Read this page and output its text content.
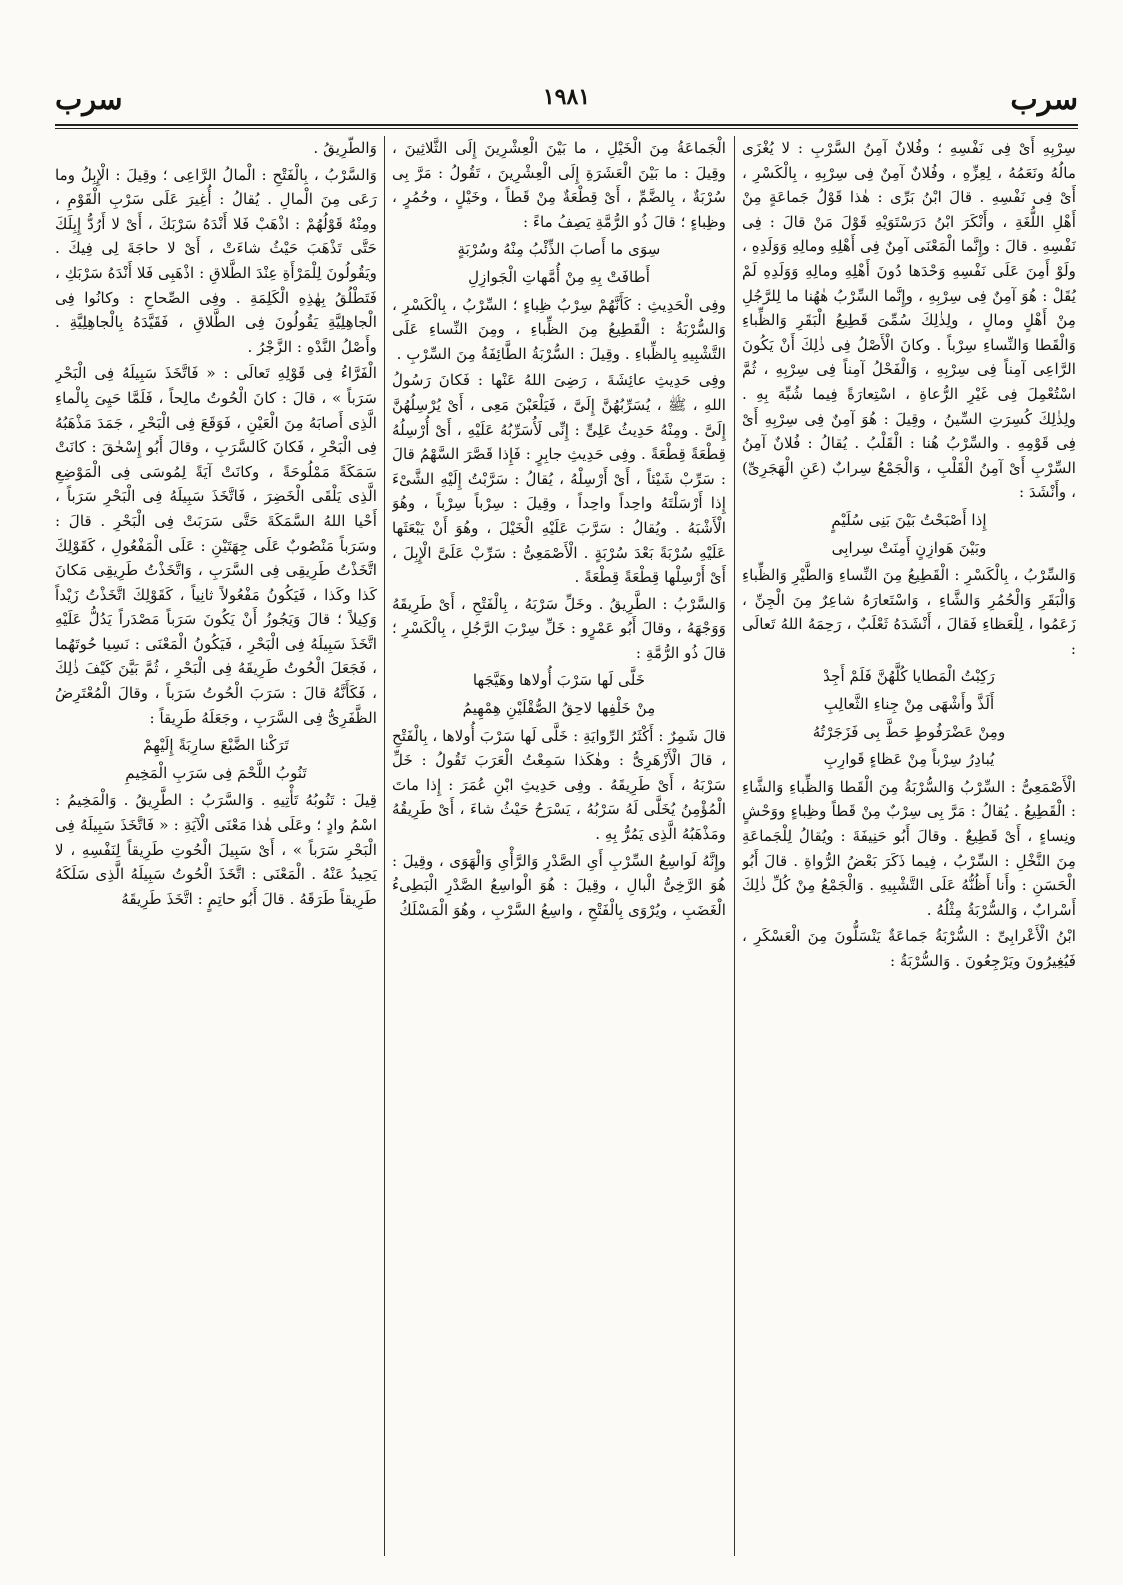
سرب
١٩٨١
سرب

سِرْبِهِ أَىْ فِى نَفْسِهِ ؛ وفُلانٌ آمِنُ السَّرْبِ : لا يُغْزَى مالُهُ ونَعَمُهُ ، لِعِزِّهِ ، وفُلانٌ آمِنٌ فِى سِرْبِهِ ، بِالْكَسْرِ ، أَىْ فِى نَفْسِهِ . قالَ ابْنُ بَرِّى : هٰذا قَوْلُ جَماعَةٍ مِنْ أَهْلِ اللُّغَةِ ، وأَنْكَرَ ابْنُ دَرَسْتَوَيْهِ قَوْلَ مَنْ قالَ : فِى نَفْسِهِ . قالَ : وإِنَّما الْمَعْنَى آمِنٌ فِى أَهْلِهِ ومالِهِ وَوَلَدِهِ ، ولَوْ أَمِنَ عَلَى نَفْسِهِ وَحْدَها دُونَ أَهْلِهِ ومالِهِ وَوَلَدِهِ لَمْ يُقَلْ : هُوَ آمِنٌ فِى سِرْبِهِ ، وإِنَّما السِّرْبُ هٰهُنا ما لِلرَّجُلِ مِنْ أَهْلٍ ومالٍ ، ولِذٰلِكَ سُمِّىَ قَطِيعُ الْبَقَرِ وَالظِّباءِ وَالْقَطا وَالنِّساءِ سِرْباً . وكانَ الْأَصْلُ فِى ذٰلِكَ أَنْ يَكُونَ الرَّاعِى آمِناً فِى سِرْبِهِ ، وَالْفَحْلُ آمِناً فِى سِرْبِهِ ، ثُمَّ اسْتُعْمِلَ فِى غَيْرِ الرُّعاةِ ، اسْتِعارَةً فِيما شُبِّهَ بِهِ . ولِذٰلِكَ كُسِرَتِ السِّينُ ، وقِيلَ : هُوَ آمِنٌ فِى سِرْبِهِ أَىْ فِى قَوْمِهِ . والسِّرْبُ هُنا : الْقَلْبُ . يُقالُ : فُلانٌ آمِنُ السِّرْبِ أَىْ آمِنُ الْقَلْبِ ، وَالْجَمْعُ سِرابٌ (عَنِ الْهَجَرِىِّ) ، وأَنْشَدَ :

إِذا أَصْبَحْتُ بَيْنَ بَنِى سُلَيْمٍ

وبَيْنَ هَوازِنٍ أَمِنَتْ سِرابِى

وَالسِّرْبُ ، بِالْكَسْرِ : الْقَطِيعُ مِنَ النِّساءِ وَالطَّيْرِ وَالظِّباءِ وَالْبَقَرِ وَالْحُمُرِ وَالشَّاءِ ، وَاسْتَعارَهُ شاعِرٌ مِنَ الْجِنِّ ، زَعَمُوا ، لِلْعَظاءِ فَقالَ ، أَنْشَدَهُ ثَعْلَبٌ ، رَحِمَهُ اللهُ تَعالَى :

رَكِبْتُ الْمَطايا كُلَّهُنَّ فَلَمْ أَجِدْ

أَلَذَّ وأَشْهَى مِنْ جِناءِ الثَّعالِبِ

ومِنْ عَضْرَفُوطٍ حَطَّ بِى فَزَجَرْتُهُ

يُبادِرُ سِرْباً مِنْ عَظاءٍ قَوارِبِ

الْأَصْمَعِىُّ : السِّرْبُ وَالسُّرْبَةُ مِنَ الْقَطا وَالظِّباءِ وَالشَّاءِ : الْقَطِيعُ . يُقالُ : مَرَّ بِى سِرْبٌ مِنْ قَطاً وظِباءٍ ووَحْشٍ ونِساءٍ ، أَىْ قَطِيعٌ . وقالَ أَبُو حَنِيفَةَ : ويُقالُ لِلْجَماعَةِ مِنَ النَّخْلِ : السِّرْبُ ، فِيما ذَكَرَ بَعْضُ الرُّواةِ . قالَ أَبُو الْحَسَنِ : وأَنا أَظُنُّهُ عَلَى التَّشْبِيهِ . وَالْجَمْعُ مِنْ كُلِّ ذٰلِكَ أَسْرابٌ ، وَالسُّرْبَةُ مِثْلُهُ .

ابْنُ الْأَعْرابِىِّ : السُّرْبَةُ جَماعَةٌ يَنْسَلُّونَ مِنَ الْعَسْكَرِ ، فَيُغِيرُونَ ويَرْجِعُونَ . وَالسُّرْبَةُ :

الْجَماعَةُ مِنَ الْخَيْلِ ، ما بَيْنَ الْعِشْرِينَ إِلَى الثَّلاثِينَ ، وقِيلَ : ما بَيْنَ الْعَشَرَةِ إِلَى الْعِشْرِينَ ، تَقُولُ : مَرَّ بِى سُرْبَةٌ ، بِالضَّمِّ ، أَىْ قِطْعَةٌ مِنْ قَطاً ، وخَيْلٍ ، وحُمُرٍ ، وظِباءٍ ؛ قالَ ذُو الرُّمَّةِ يَصِفُ ماءً :

سِوَى ما أَصابَ الذِّئْبُ مِنْهُ وسُرْبَةٍ

أَطافَتْ بِهِ مِنْ أُمَّهاتِ الْجَوازِلِ

وفِى الْحَدِيثِ : كَأَنَّهُمْ سِرْبُ ظِباءٍ ؛ السِّرْبُ ، بِالْكَسْرِ ، وَالسُّرْبَةُ : الْقَطِيعُ مِنَ الظِّباءِ ، ومِنَ النِّساءِ عَلَى التَّشْبِيهِ بِالظِّباءِ . وقِيلَ : السُّرْبَةُ الطَّائِفَةُ مِنَ السِّرْبِ .

وفِى حَدِيثِ عائِشَةَ ، رَضِىَ اللهُ عَنْها : فَكانَ رَسُولُ اللهِ ، ﷺ ، يُسَرِّبُهُنَّ إِلَىَّ ، فَيَلْعَبْنَ مَعِى ، أَىْ يُرْسِلُهُنَّ إِلَىَّ . ومِنْهُ حَدِيثُ عَلِىٍّ : إِنِّى لَأُسَرِّبُهُ عَلَيْهِ ، أَىْ أُرْسِلُهُ قِطْعَةً قِطْعَةً . وفِى حَدِيثِ جابِرٍ : فَإِذا قَصَّرَ السَّهْمُ قالَ : سَرِّبْ شَيْئاً ، أَىْ أَرْسِلْهُ ، يُقالُ : سَرَّبْتُ إِلَيْهِ الشَّىْءَ إِذا أَرْسَلْتَهُ واحِداً واحِداً ، وقِيلَ : سِرْباً سِرْباً ، وهُوَ الْأَشْبَهُ . ويُقالُ : سَرَّبَ عَلَيْهِ الْخَيْلَ ، وهُوَ أَنْ يَبْعَثَها عَلَيْهِ سُرْبَةً بَعْدَ سُرْبَةٍ . الْأَصْمَعِىُّ : سَرِّبْ عَلَىَّ الْإِبِلَ ، أَىْ أَرْسِلْها قِطْعَةً قِطْعَةً .

وَالسَّرْبُ : الطَّرِيقُ . وخَلِّ سَرْبَهُ ، بِالْفَتْحِ ، أَىْ طَرِيقَهُ وَوَجْهَهُ ، وقالَ أَبُو عَمْرٍو : خَلِّ سِرْبَ الرَّجُلِ ، بِالْكَسْرِ ؛ قالَ ذُو الرُّمَّةِ :

خَلَّى لَها سَرْبَ أُولاها وهَيَّجَها

مِنْ خَلْفِها لاحِقُ الصُّقْلَيْنِ هِمْهِيمُ

قالَ شَمِرٌ : أَكْثَرُ الرِّوايَةِ : خَلَّى لَها سَرْبَ أُولاها ، بِالْفَتْحِ ، قالَ الْأَزْهَرِىُّ : وهٰكَذا سَمِعْتُ الْعَرَبَ تَقُولُ : خَلِّ سَرْبَهُ ، أَىْ طَرِيقَهُ . وفِى حَدِيثِ ابْنِ عُمَرَ : إِذا ماتَ الْمُؤْمِنُ يُخَلَّى لَهُ سَرْبُهُ ، يَسْرَحُ حَيْثُ شاءَ ، أَىْ طَرِيقُهُ ومَذْهَبُهُ الَّذِى يَمُرُّ بِهِ .

وإِنَّهُ لَواسِعُ السِّرْبِ أَىِ الصَّدْرِ وَالرَّأْىِ وَالْهَوَى ، وقِيلَ : هُوَ الرَّخِىُّ الْبالِ ، وقِيلَ : هُوَ الْواسِعُ الصَّدْرِ الْبَطِىءُ الْغَضَبِ ، ويُرْوَى بِالْفَتْحِ ، واسِعُ السَّرْبِ ، وهُوَ الْمَسْلَكُ

وَالطَّرِيقُ .

وَالسَّرْبُ ، بِالْفَتْحِ : الْمالُ الرَّاعِى ؛ وقِيلَ : الْإِبِلُ وما رَعَى مِنَ الْمالِ . يُقالُ : أُغِيرَ عَلَى سَرْبِ الْقَوْمِ ، ومِنْهُ قَوْلُهُمْ : اذْهَبْ فَلا أَنْدَهُ سَرْبَكَ ، أَىْ لا أَرُدُّ إِبِلَكَ حَتَّى تَذْهَبَ حَيْثُ شاءَتْ ، أَىْ لا حاجَةَ لِى فِيكَ . ويَقُولُونَ لِلْمَرْأَةِ عِنْدَ الطَّلاقِ : اذْهَبِى فَلا أَنْدَهُ سَرْبَكِ ، فَتَطْلُقُ بِهٰذِهِ الْكَلِمَةِ . وفِى الصِّحاحِ : وكانُوا فِى الْجاهِلِيَّةِ يَقُولُونَ فِى الطَّلاقِ ، فَقَيَّدَهُ بِالْجاهِلِيَّةِ . وأَصْلُ النَّدْهِ : الزَّجْرُ .

الْفَرَّاءُ فِى قَوْلِهِ تَعالَى : « فَاتَّخَذَ سَبِيلَهُ فِى الْبَحْرِ سَرَباً » ، قالَ : كانَ الْحُوتُ مالِحاً ، فَلَمَّا حَيِىَ بِالْماءِ الَّذِى أَصابَهُ مِنَ الْعَيْنِ ، فَوَقَعَ فِى الْبَحْرِ ، جَمَدَ مَذْهَبُهُ فِى الْبَحْرِ ، فَكانَ كَالسَّرَبِ ، وقالَ أَبُو إِسْحٰقَ : كانَتْ سَمَكَةً مَمْلُوحَةً ، وكانَتْ آيَةً لِمُوسَى فِى الْمَوْضِعِ الَّذِى يَلْقَى الْخَضِرَ ، فَاتَّخَذَ سَبِيلَهُ فِى الْبَحْرِ سَرَباً ، أَحْيا اللهُ السَّمَكَةَ حَتَّى سَرَبَتْ فِى الْبَحْرِ . قالَ : وسَرَباً مَنْصُوبٌ عَلَى جِهَتَيْنِ : عَلَى الْمَفْعُولِ ، كَقَوْلِكَ اتَّخَذْتُ طَرِيقِى فِى السَّرَبِ ، وَاتَّخَذْتُ طَرِيقِى مَكانَ كَذا وكَذا ، فَيَكُونُ مَفْعُولاً ثانِياً ، كَقَوْلِكَ اتَّخَذْتُ زَيْداً وَكِيلاً ؛ قالَ وَيَجُوزُ أَنْ يَكُونَ سَرَباً مَصْدَراً يَدُلُّ عَلَيْهِ اتَّخَذَ سَبِيلَهُ فِى الْبَحْرِ ، فَيَكُونُ الْمَعْنَى : نَسِيا حُوتَهُما ، فَجَعَلَ الْحُوتُ طَرِيقَهُ فِى الْبَحْرِ ، ثُمَّ بَيَّنَ كَيْفَ ذٰلِكَ ، فَكَأَنَّهُ قالَ : سَرَبَ الْحُوتُ سَرَباً ، وقالَ الْمُعْتَرِضُ الظَّفَرِىُّ فِى السَّرَبِ ، وجَعَلَهُ طَرِيقاً :

تَرَكْنا الضَّبْعَ سارِبَةً إِلَيْهِمْ

تَنُوبُ اللَّحْمَ فِى سَرَبِ الْمَخِيمِ

قِيلَ : تَنُوبُهُ تَأْتِيهِ . وَالسَّرَبُ : الطَّرِيقُ . وَالْمَخِيمُ : اسْمُ وادٍ ؛ وعَلَى هٰذا مَعْنَى الْآيَةِ : « فَاتَّخَذَ سَبِيلَهُ فِى الْبَحْرِ سَرَباً » ، أَىْ سَبِيلَ الْحُوتِ طَرِيقاً لِنَفْسِهِ ، لا يَحِيدُ عَنْهُ . الْمَعْنَى : اتَّخَذَ الْحُوتُ سَبِيلَهُ الَّذِى سَلَكَهُ طَرِيقاً طَرَقَهُ . قالَ أَبُو حاتِمٍ : اتَّخَذَ طَرِيقَهُ
